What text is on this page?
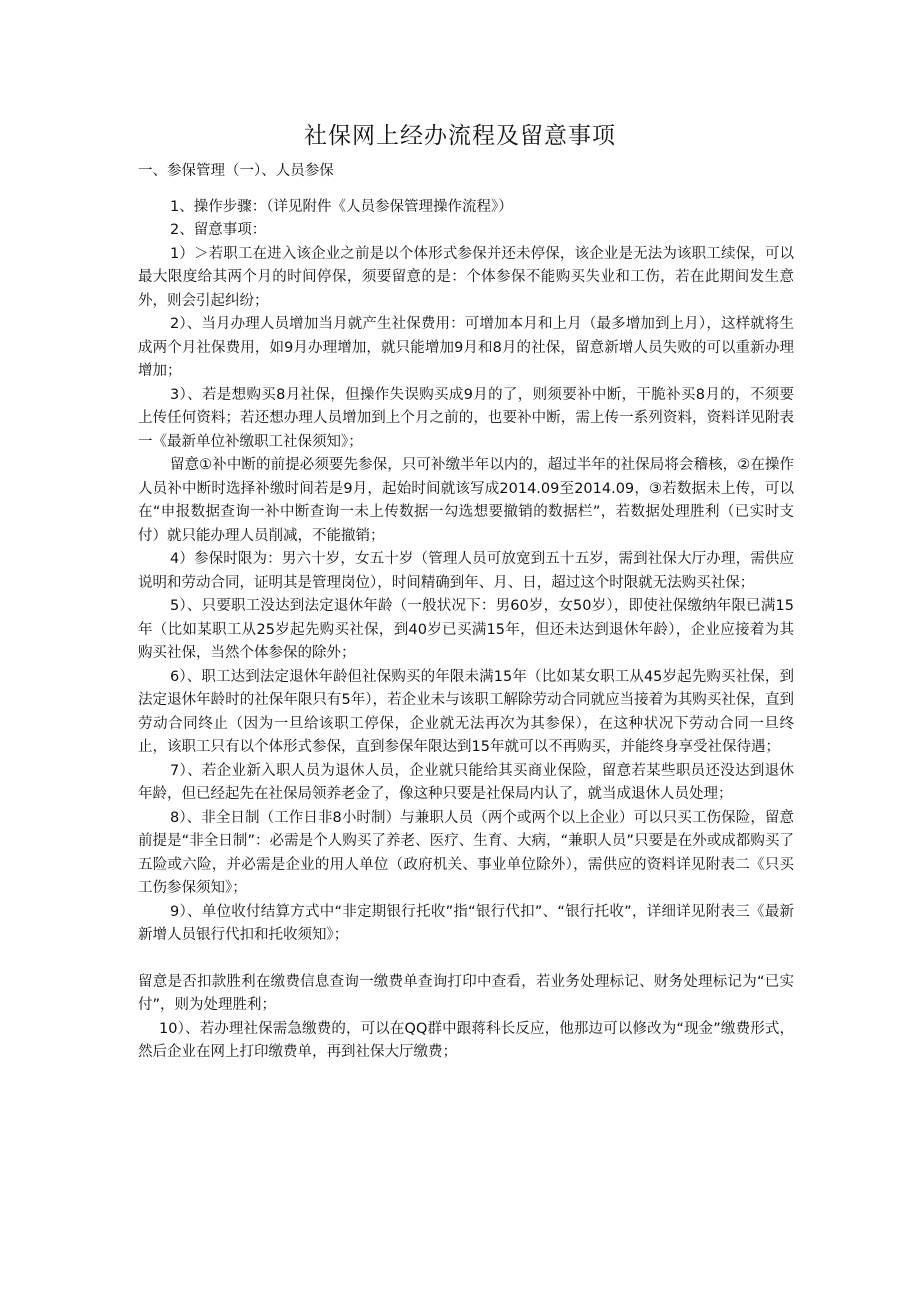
社保网上经办流程及留意事项

一、参保管理（一）、人员参保

1、操作步骤：（详见附件《人员参保管理操作流程》）

2、留意事项：

1）＞若职工在进入该企业之前是以个体形式参保并还未停保，该企业是无法为该职工续保，可以最大限度给其两个月的时间停保，须要留意的是：个体参保不能购买失业和工伤，若在此期间发生意外，则会引起纠纷；

2）、当月办理人员增加当月就产生社保费用：可增加本月和上月（最多增加到上月），这样就将生成两个月社保费用，如9月办理增加，就只能增加9月和8月的社保，留意新增人员失败的可以重新办理增加；

3）、若是想购买8月社保，但操作失误购买成9月的了，则须要补中断，干脆补买8月的，不须要上传任何资料；若还想办理人员增加到上个月之前的，也要补中断，需上传一系列资料，资料详见附表一《最新单位补缴职工社保须知》；

留意①补中断的前提必须要先参保，只可补缴半年以内的，超过半年的社保局将会稽核，②在操作人员补中断时选择补缴时间若是9月，起始时间就该写成2014.09至2014.09，③若数据未上传，可以在“申报数据查询一补中断查询一未上传数据一勾选想要撤销的数据栏”，若数据处理胜利（已实时支付）就只能办理人员削减，不能撤销；

4）参保时限为：男六十岁，女五十岁（管理人员可放宽到五十五岁，需到社保大厅办理，需供应说明和劳动合同，证明其是管理岗位），时间精确到年、月、日，超过这个时限就无法购买社保；

5）、只要职工没达到法定退休年龄（一般状况下：男60岁，女50岁），即使社保缴纳年限已满15年（比如某职工从25岁起先购买社保，到40岁已买满15年，但还未达到退休年龄），企业应接着为其购买社保，当然个体参保的除外；

6）、职工达到法定退休年龄但社保购买的年限未满15年（比如某女职工从45岁起先购买社保，到法定退休年龄时的社保年限只有5年），若企业未与该职工解除劳动合同就应当接着为其购买社保，直到劳动合同终止（因为一旦给该职工停保，企业就无法再次为其参保），在这种状况下劳动合同一旦终止，该职工只有以个体形式参保，直到参保年限达到15年就可以不再购买，并能终身享受社保待遇；

7）、若企业新入职人员为退休人员，企业就只能给其买商业保险，留意若某些职员还没达到退休年龄，但已经起先在社保局领养老金了，像这种只要是社保局内认了，就当成退休人员处理；

8）、非全日制（工作日非8小时制）与兼职人员（两个或两个以上企业）可以只买工伤保险，留意前提是“非全日制”：必需是个人购买了养老、医疗、生育、大病，“兼职人员”只要是在外或成都购买了五险或六险，并必需是企业的用人单位（政府机关、事业单位除外），需供应的资料详见附表二《只买工伤参保须知》；

9）、单位收付结算方式中“非定期银行托收”指“银行代扣”、“银行托收”，详细详见附表三《最新新增人员银行代扣和托收须知》；

留意是否扣款胜利在缴费信息查询一缴费单查询打印中查看，若业务处理标记、财务处理标记为“已实付”，则为处理胜利；

10）、若办理社保需急缴费的，可以在QQ群中跟蒋科长反应，他那边可以修改为“现金”缴费形式，然后企业在网上打印缴费单，再到社保大厅缴费；
